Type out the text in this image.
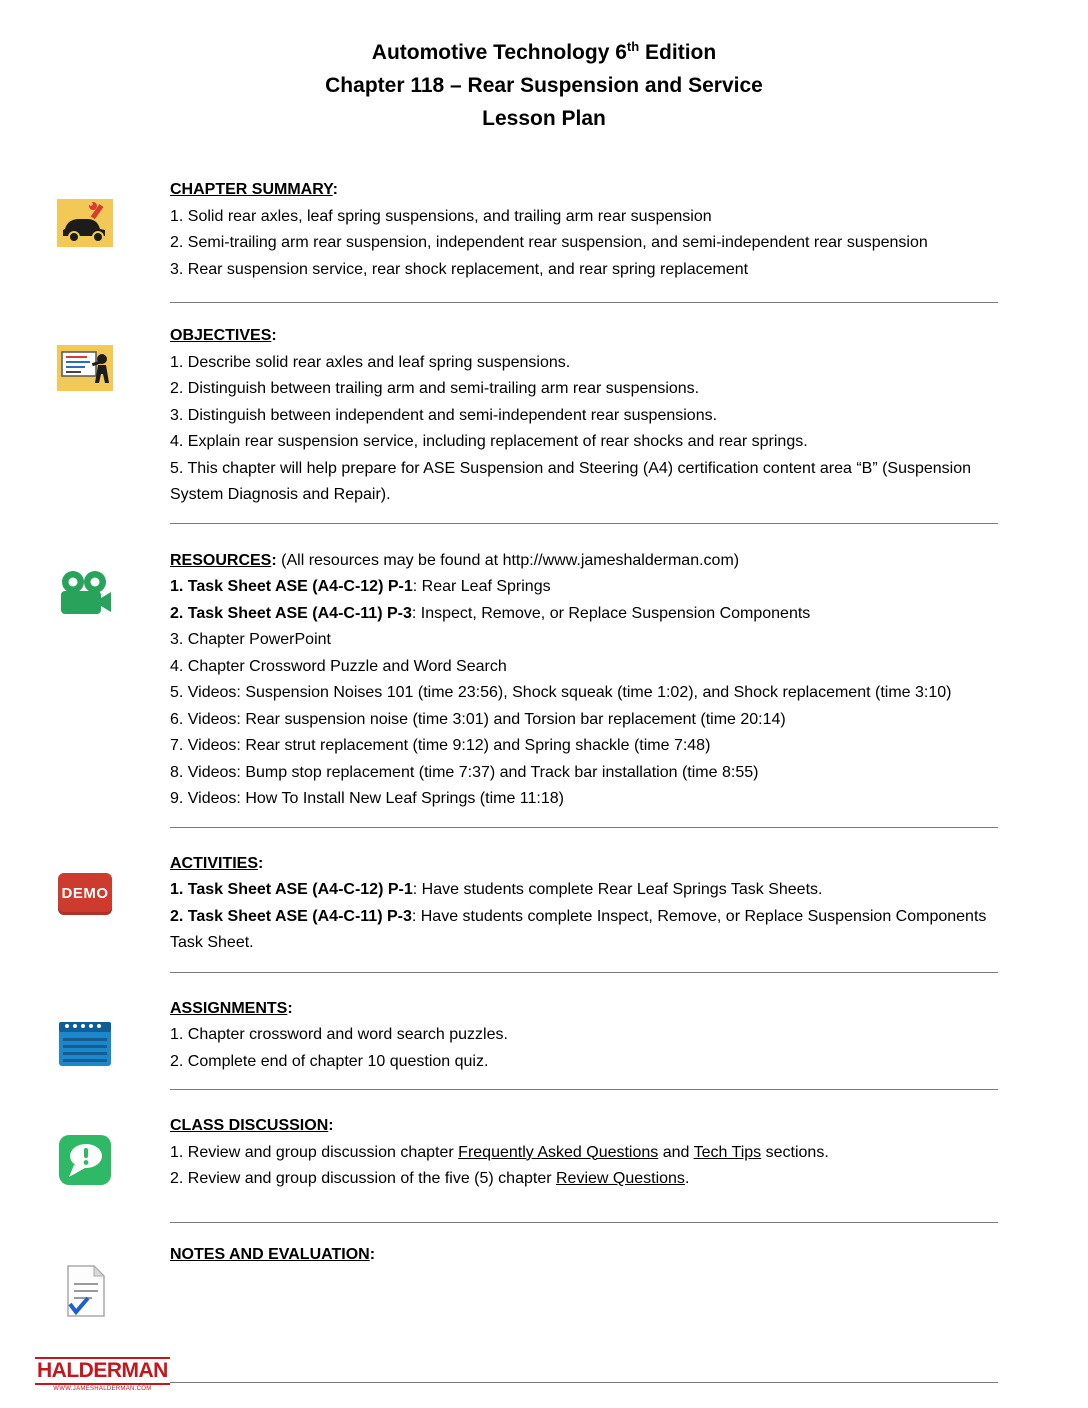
Automotive Technology 6th Edition
Chapter 118 – Rear Suspension and Service
Lesson Plan

CHAPTER SUMMARY:

1. Solid rear axles, leaf spring suspensions, and trailing arm rear suspension

2. Semi-trailing arm rear suspension, independent rear suspension, and semi-independent rear suspension

3. Rear suspension service, rear shock replacement, and rear spring replacement

OBJECTIVES:

1. Describe solid rear axles and leaf spring suspensions.

2. Distinguish between trailing arm and semi-trailing arm rear suspensions.

3. Distinguish between independent and semi-independent rear suspensions.

4. Explain rear suspension service, including replacement of rear shocks and rear springs.

5. This chapter will help prepare for ASE Suspension and Steering (A4) certification content area “B” (Suspension System Diagnosis and Repair).

RESOURCES: (All resources may be found at http://www.jameshalderman.com)

1. Task Sheet ASE (A4-C-12) P-1: Rear Leaf Springs

2. Task Sheet ASE (A4-C-11) P-3: Inspect, Remove, or Replace Suspension Components

3. Chapter PowerPoint

4. Chapter Crossword Puzzle and Word Search

5. Videos: Suspension Noises 101 (time 23:56), Shock squeak (time 1:02), and Shock replacement (time 3:10)

6. Videos: Rear suspension noise (time 3:01) and Torsion bar replacement (time 20:14)

7. Videos: Rear strut replacement (time 9:12) and Spring shackle (time 7:48)

8. Videos: Bump stop replacement (time 7:37) and Track bar installation (time 8:55)

9. Videos: How To Install New Leaf Springs (time 11:18)

DEMO

ACTIVITIES:

1. Task Sheet ASE (A4-C-12) P-1: Have students complete Rear Leaf Springs Task Sheets.

2. Task Sheet ASE (A4-C-11) P-3: Have students complete Inspect, Remove, or Replace Suspension Components Task Sheet.

ASSIGNMENTS:

1. Chapter crossword and word search puzzles.

2. Complete end of chapter 10 question quiz.

CLASS DISCUSSION:

1. Review and group discussion chapter Frequently Asked Questions and Tech Tips sections.

2. Review and group discussion of the five (5) chapter Review Questions.

NOTES AND EVALUATION:

HALDERMAN
WWW.JAMESHALDERMAN.COM
